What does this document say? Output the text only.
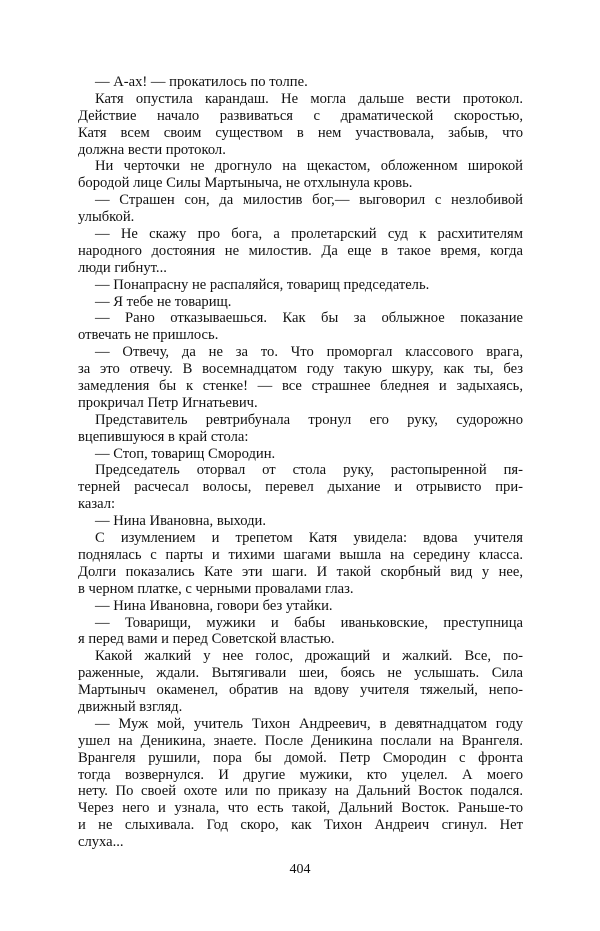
— А-ах! — прокатилось по толпе.
Катя опустила карандаш. Не могла дальше вести протокол.
Действие начало развиваться с драматической скоростью,
Катя всем своим существом в нем участвовала, забыв, что
должна вести протокол.
Ни черточки не дрогнуло на щекастом, обложенном широкой
бородой лице Силы Мартыныча, не отхлынула кровь.
— Страшен сон, да милостив бог,— выговорил с незлобивой
улыбкой.
— Не скажу про бога, а пролетарский суд к расхитителям
народного достояния не милостив. Да еще в такое время, когда
люди гибнут...
— Понапрасну не распаляйся, товарищ председатель.
— Я тебе не товарищ.
— Рано отказываешься. Как бы за облыжное показание
отвечать не пришлось.
— Отвечу, да не за то. Что проморгал классового врага,
за это отвечу. В восемнадцатом году такую шкуру, как ты, без
замедления бы к стенке! — все страшнее бледнея и задыхаясь,
прокричал Петр Игнатьевич.
Представитель ревтрибунала тронул его руку, судорожно
вцепившуюся в край стола:
— Стоп, товарищ Смородин.
Председатель оторвал от стола руку, растопыренной пя-
терней расчесал волосы, перевел дыхание и отрывисто при-
казал:
— Нина Ивановна, выходи.
С изумлением и трепетом Катя увидела: вдова учителя
поднялась с парты и тихими шагами вышла на середину класса.
Долги показались Кате эти шаги. И такой скорбный вид у нее,
в черном платке, с черными провалами глаз.
— Нина Ивановна, говори без утайки.
— Товарищи, мужики и бабы иваньковские, преступница
я перед вами и перед Советской властью.
Какой жалкий у нее голос, дрожащий и жалкий. Все, по-
раженные, ждали. Вытягивали шеи, боясь не услышать. Сила
Мартыныч окаменел, обратив на вдову учителя тяжелый, непо-
движный взгляд.
— Муж мой, учитель Тихон Андреевич, в девятнадцатом году
ушел на Деникина, знаете. После Деникина послали на Врангеля.
Врангеля рушили, пора бы домой. Петр Смородин с фронта
тогда возвернулся. И другие мужики, кто уцелел. А моего
нету. По своей охоте или по приказу на Дальний Восток подался.
Через него и узнала, что есть такой, Дальний Восток. Раньше-то
и не слыхивала. Год скоро, как Тихон Андреич сгинул. Нет
слуха...
404
